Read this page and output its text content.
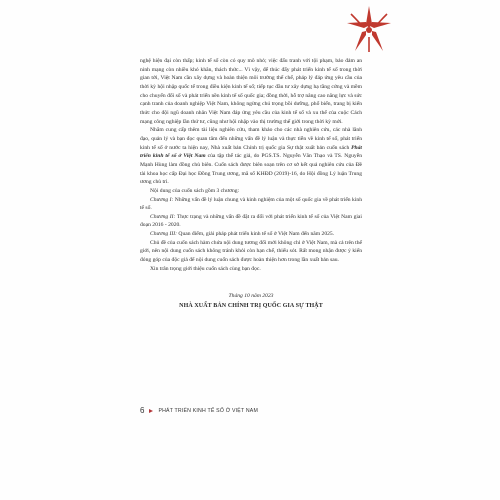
nghệ hiện đại còn thấp; kinh tế số còn có quy mô nhỏ; việc đấu tranh với tội phạm, bảo đảm an ninh mạng còn nhiều khó khăn, thách thức... Vì vậy, để thúc đẩy phát triển kinh tế số trong thời gian tới, Việt Nam cần xây dựng và hoàn thiện môi trường thể chế, pháp lý đáp ứng yêu cầu của thời kỳ hội nhập quốc tế trong điều kiện kinh tế số; tiếp tục đầu tư xây dựng hạ tầng cứng và mềm cho chuyển đổi số và phát triển nền kinh tế số quốc gia; đồng thời, hỗ trợ nâng cao năng lực và sức cạnh tranh của doanh nghiệp Việt Nam, không ngừng chú trọng bồi dưỡng, phổ biến, trang bị kiến thức cho đội ngũ doanh nhân Việt Nam đáp ứng yêu cầu của kinh tế số và xu thế của cuộc Cách mạng công nghiệp lần thứ tư, cũng như hội nhập vào thị trường thế giới trong thời kỳ mới.

Nhằm cung cấp thêm tài liệu nghiên cứu, tham khảo cho các nhà nghiên cứu, các nhà lãnh đạo, quản lý và bạn đọc quan tâm đến những vấn đề lý luận và thực tiễn về kinh tế số, phát triển kinh tế số ở nước ta hiện nay, Nhà xuất bản Chính trị quốc gia Sự thật xuất bản cuốn sách Phát triển kinh tế số ở Việt Nam của tập thể tác giả, do PGS.TS. Nguyễn Văn Thạo và TS. Nguyễn Mạnh Hùng làm đồng chủ biên. Cuốn sách được biên soạn trên cơ sở kết quả nghiên cứu của Đề tài khoa học cấp Đại học Đồng Trung ương, mã số KHĐD (2019)-16, do Hội đồng Lý luận Trung ương chủ trì.

Nội dung của cuốn sách gồm 3 chương:

Chương I: Những vấn đề lý luận chung và kinh nghiệm của một số quốc gia về phát triển kinh tế số.

Chương II: Thực trạng và những vấn đề đặt ra đối với phát triển kinh tế số của Việt Nam giai đoạn 2016 - 2020.

Chương III: Quan điểm, giải pháp phát triển kinh tế số ở Việt Nam đến năm 2025.

Chủ đề của cuốn sách hàm chứa nội dung tương đối mới không chỉ ở Việt Nam, mà cả trên thế giới, nên nội dung cuốn sách không tránh khỏi còn hạn chế, thiếu sót. Rất mong nhận được ý kiến đóng góp của độc giả để nội dung cuốn sách được hoàn thiện hơn trong lần xuất bản sau.

Xin trân trọng giới thiệu cuốn sách cùng bạn đọc.

Tháng 10 năm 2023
NHÀ XUẤT BẢN CHÍNH TRỊ QUỐC GIA SỰ THẬT
6	PHÁT TRIỂN KINH TẾ SỐ Ở VIỆT NAM
